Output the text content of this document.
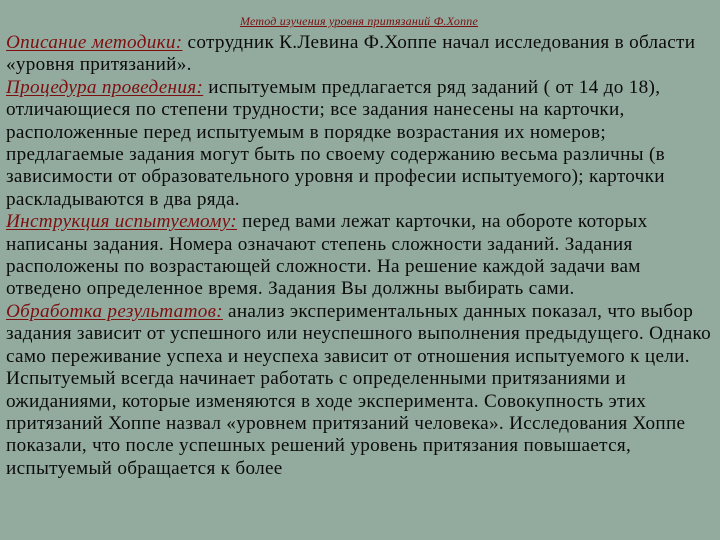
Метод изучения уровня притязаний Ф.Хоппе
Описание методики: сотрудник К.Левина Ф.Хоппе начал исследования в области «уровня притязаний».
Процедура проведения: испытуемым предлагается ряд заданий ( от 14 до 18), отличающиеся по степени трудности; все задания нанесены на карточки, расположенные перед испытуемым в порядке возрастания их номеров; предлагаемые задания могут быть по своему содержанию весьма различны (в зависимости от образовательного уровня и професии испытуемого); карточки раскладываются в два ряда.
Инструкция испытуемому: перед вами лежат карточки, на обороте которых написаны задания. Номера означают степень сложности заданий. Задания расположены по возрастающей сложности. На решение каждой задачи вам отведено определенное время. Задания Вы должны выбирать сами.
Обработка результатов: анализ экспериментальных данных показал, что выбор задания зависит от успешного или неуспешного выполнения предыдущего. Однако само переживание успеха и неуспеха зависит от отношения испытуемого к цели. Испытуемый всегда начинает работать с определенными притязаниями и ожиданиями, которые изменяются в ходе эксперимента. Совокупность этих притязаний Хоппе назвал «уровнем притязаний человека». Исследования Хоппе показали, что после успешных решений уровень притязания повышается, испытуемый обращается к более
